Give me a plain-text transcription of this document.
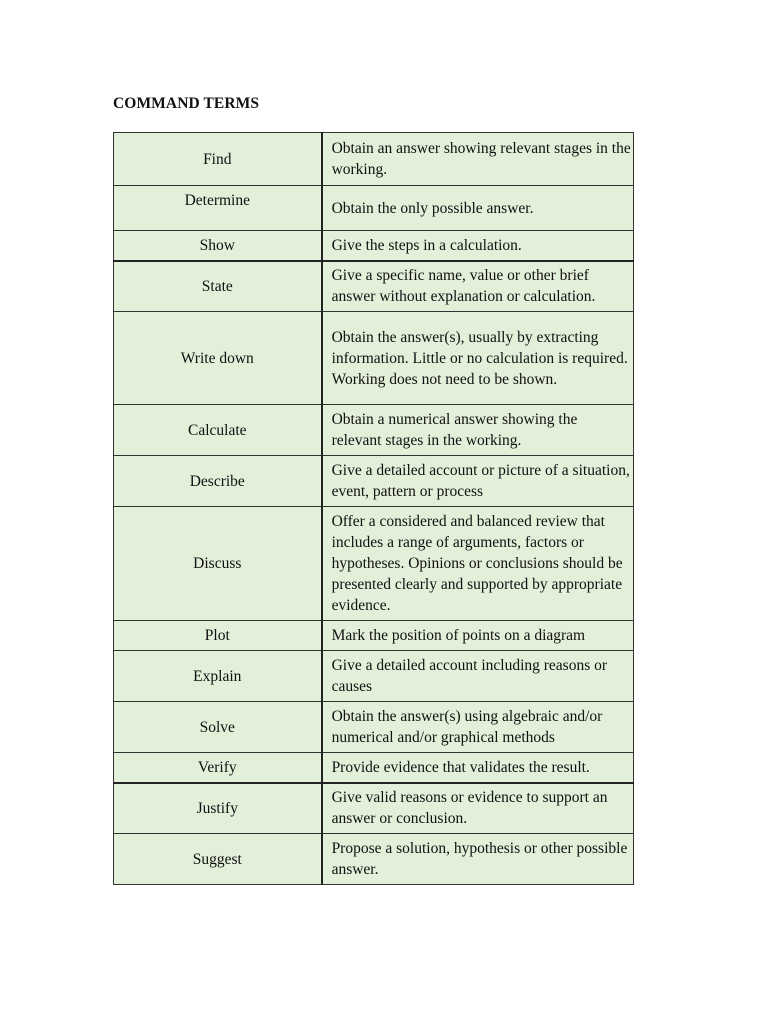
COMMAND TERMS
Find	Obtain an answer showing relevant stages in the working.
Determine	Obtain the only possible answer.
Show	Give the steps in a calculation.
State	Give a specific name, value or other brief answer without explanation or calculation.
Write down	Obtain the answer(s), usually by extracting information. Little or no calculation is required. Working does not need to be shown.
Calculate	Obtain a numerical answer showing the relevant stages in the working.
Describe	Give a detailed account or picture of a situation, event, pattern or process
Discuss	Offer a considered and balanced review that includes a range of arguments, factors or hypotheses. Opinions or conclusions should be presented clearly and supported by appropriate evidence.
Plot	Mark the position of points on a diagram
Explain	Give a detailed account including reasons or causes
Solve	Obtain the answer(s) using algebraic and/or numerical and/or graphical methods
Verify	Provide evidence that validates the result.
Justify	Give valid reasons or evidence to support an answer or conclusion.
Suggest	Propose a solution, hypothesis or other possible answer.
